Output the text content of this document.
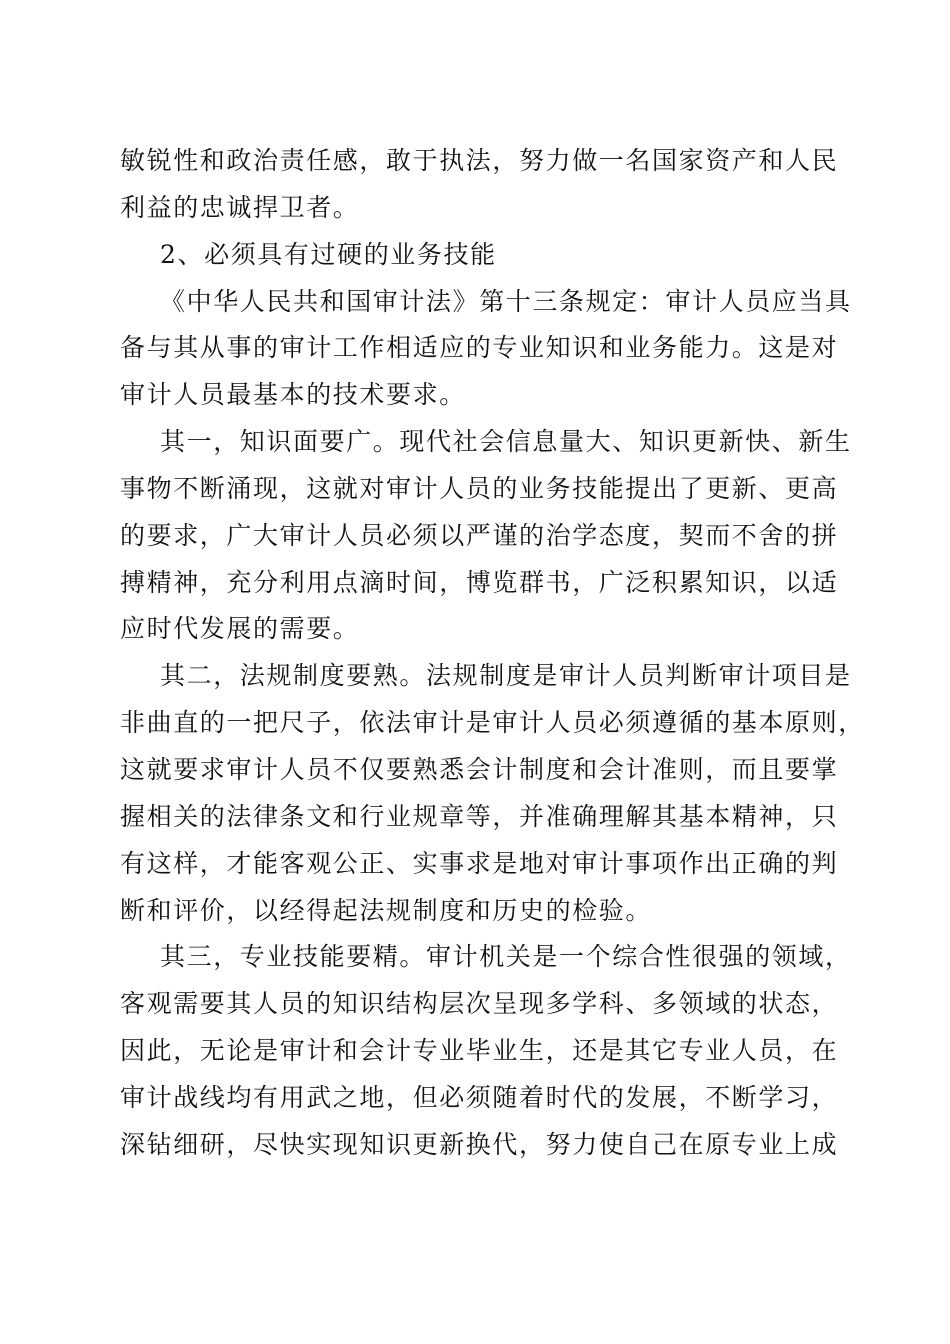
敏锐性和政治责任感，敢于执法，努力做一名国家资产和人民
利益的忠诚捍卫者。
2、必须具有过硬的业务技能
《中华人民共和国审计法》第十三条规定：审计人员应当具
备与其从事的审计工作相适应的专业知识和业务能力。这是对
审计人员最基本的技术要求。
其一，知识面要广。现代社会信息量大、知识更新快、新生
事物不断涌现，这就对审计人员的业务技能提出了更新、更高
的要求，广大审计人员必须以严谨的治学态度，契而不舍的拼
搏精神，充分利用点滴时间，博览群书，广泛积累知识，以适
应时代发展的需要。
其二，法规制度要熟。法规制度是审计人员判断审计项目是
非曲直的一把尺子，依法审计是审计人员必须遵循的基本原则，
这就要求审计人员不仅要熟悉会计制度和会计准则，而且要掌
握相关的法律条文和行业规章等，并准确理解其基本精神，只
有这样，才能客观公正、实事求是地对审计事项作出正确的判
断和评价，以经得起法规制度和历史的检验。
其三，专业技能要精。审计机关是一个综合性很强的领域，
客观需要其人员的知识结构层次呈现多学科、多领域的状态，
因此，无论是审计和会计专业毕业生，还是其它专业人员，在
审计战线均有用武之地，但必须随着时代的发展，不断学习，
深钻细研，尽快实现知识更新换代，努力使自己在原专业上成
